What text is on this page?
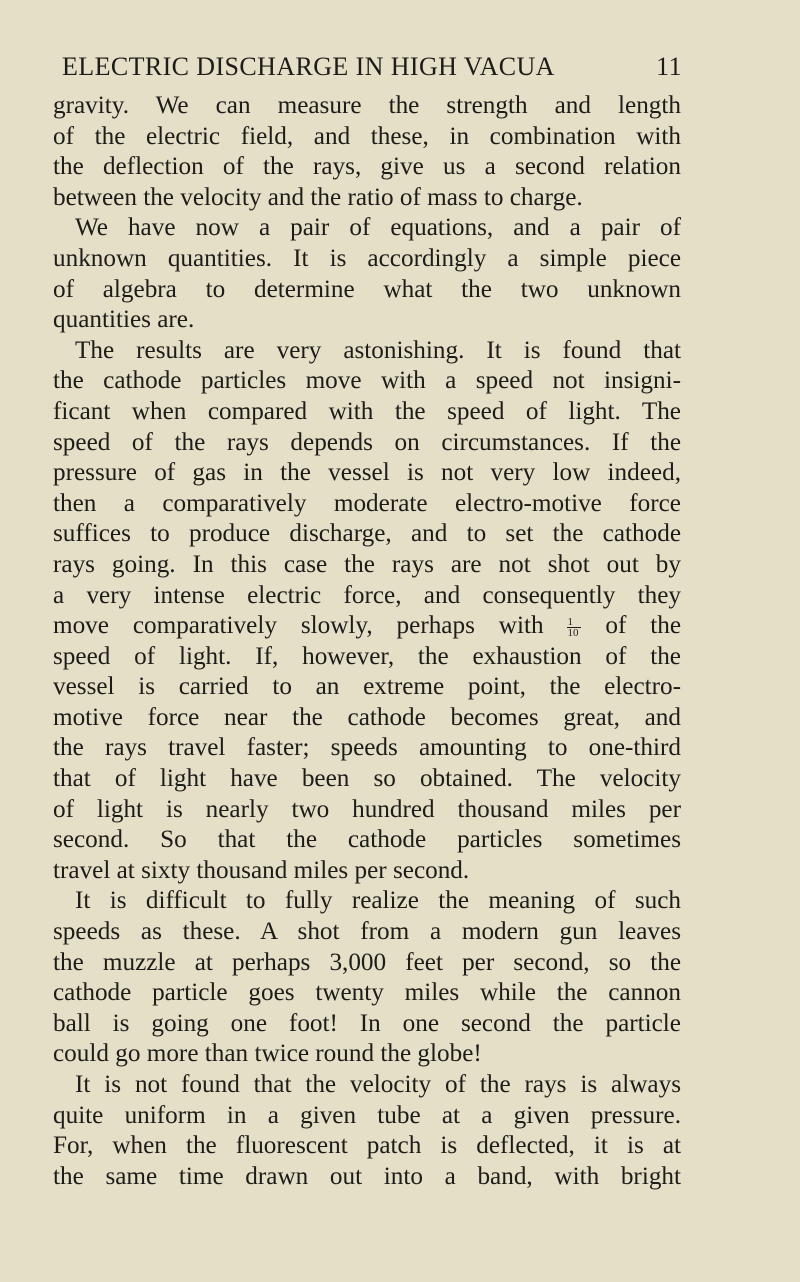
ELECTRIC DISCHARGE IN HIGH VACUA	11
gravity. We can measure the strength and length
of the electric field, and these, in combination with
the deflection of the rays, give us a second relation
between the velocity and the ratio of mass to charge.
We have now a pair of equations, and a pair of
unknown quantities. It is accordingly a simple piece
of algebra to determine what the two unknown
quantities are.
The results are very astonishing. It is found that
the cathode particles move with a speed not insigni-
ficant when compared with the speed of light. The
speed of the rays depends on circumstances. If the
pressure of gas in the vessel is not very low indeed,
then a comparatively moderate electro-motive force
suffices to produce discharge, and to set the cathode
rays going. In this case the rays are not shot out by
a very intense electric force, and consequently they
move comparatively slowly, perhaps with $\frac{1}{10}$ of the
speed of light. If, however, the exhaustion of the
vessel is carried to an extreme point, the electro-
motive force near the cathode becomes great, and
the rays travel faster; speeds amounting to one-third
that of light have been so obtained. The velocity
of light is nearly two hundred thousand miles per
second. So that the cathode particles sometimes
travel at sixty thousand miles per second.
It is difficult to fully realize the meaning of such
speeds as these. A shot from a modern gun leaves
the muzzle at perhaps 3,000 feet per second, so the
cathode particle goes twenty miles while the cannon
ball is going one foot! In one second the particle
could go more than twice round the globe!
It is not found that the velocity of the rays is always
quite uniform in a given tube at a given pressure.
For, when the fluorescent patch is deflected, it is at
the same time drawn out into a band, with bright
